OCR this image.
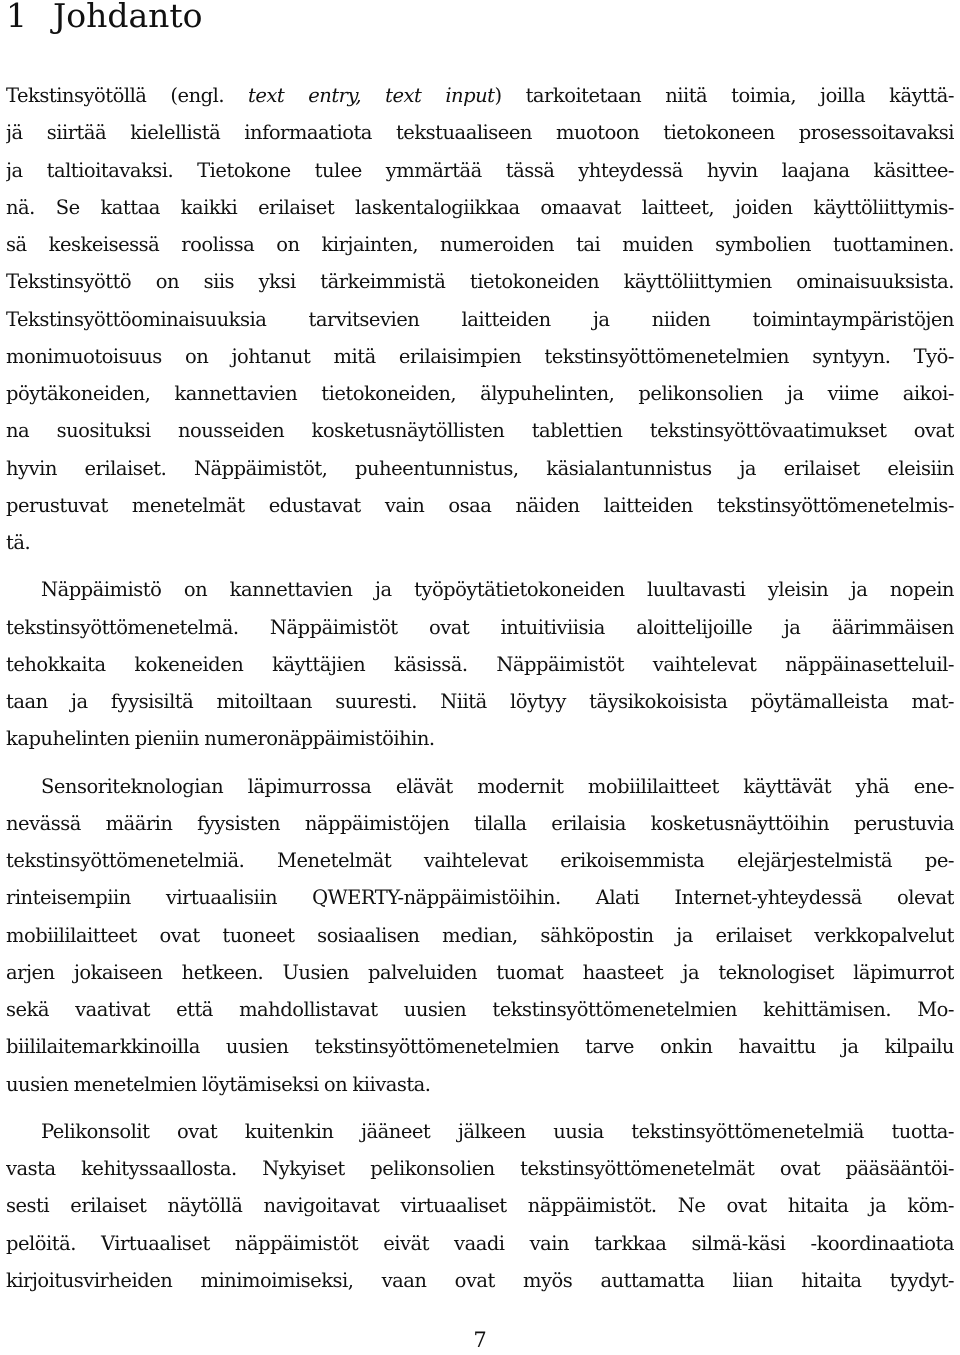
1 Johdanto
Tekstinsyötöllä (engl. text entry, text input) tarkoitetaan niitä toimia, joilla käyttä-
jä siirtää kielellistä informaatiota tekstuaaliseen muotoon tietokoneen prosessoitavaksi
ja taltioitavaksi. Tietokone tulee ymmärtää tässä yhteydessä hyvin laajana käsittee-
nä. Se kattaa kaikki erilaiset laskentalogiikkaa omaavat laitteet, joiden käyttöliittymis-
sä keskeisessä roolissa on kirjainten, numeroiden tai muiden symbolien tuottaminen.
Tekstinsyöttö on siis yksi tärkeimmistä tietokoneiden käyttöliittymien ominaisuuksista.
Tekstinsyöttöominaisuuksia tarvitsevien laitteiden ja niiden toimintaympäristöjen
monimuotoisuus on johtanut mitä erilaisimpien tekstinsyöttömenetelmien syntyyn. Työ-
pöytäkoneiden, kannettavien tietokoneiden, älypuhelinten, pelikonsolien ja viime aikoi-
na suosituksi nousseiden kosketusnäytöllisten tablettien tekstinsyöttövaatimukset ovat
hyvin erilaiset. Näppäimistöt, puheentunnistus, käsialantunnistus ja erilaiset eleisiin
perustuvat menetelmät edustavat vain osaa näiden laitteiden tekstinsyöttömenetelmis-
tä.
Näppäimistö on kannettavien ja työpöytätietokoneiden luultavasti yleisin ja nopein
tekstinsyöttömenetelmä. Näppäimistöt ovat intuitiviisia aloittelijoille ja äärimmäisen
tehokkaita kokeneiden käyttäjien käsissä. Näppäimistöt vaihtelevat näppäinasetteluil-
taan ja fyysisiltä mitoiltaan suuresti. Niitä löytyy täysikokoisista pöytämalleista mat-
kapuhelinten pieniin numeronäppäimistöihin.
Sensoriteknologian läpimurrossa elävät modernit mobiililaitteet käyttävät yhä ene-
nevässä määrin fyysisten näppäimistöjen tilalla erilaisia kosketusnäyttöihin perustuvia
tekstinsyöttömenetelmiä. Menetelmät vaihtelevat erikoisemmista elejärjestelmistä pe-
rinteisempiin virtuaalisiin QWERTY-näppäimistöihin. Alati Internet-yhteydessä olevat
mobiililaitteet ovat tuoneet sosiaalisen median, sähköpostin ja erilaiset verkkopalvelut
arjen jokaiseen hetkeen. Uusien palveluiden tuomat haasteet ja teknologiset läpimurrot
sekä vaativat että mahdollistavat uusien tekstinsyöttömenetelmien kehittämisen. Mo-
biililaitemarkkinoilla uusien tekstinsyöttömenetelmien tarve onkin havaittu ja kilpailu
uusien menetelmien löytämiseksi on kiivasta.
Pelikonsolit ovat kuitenkin jääneet jälkeen uusia tekstinsyöttömenetelmiä tuotta-
vasta kehityssaallosta. Nykyiset pelikonsolien tekstinsyöttömenetelmät ovat pääsääntöi-
sesti erilaiset näytöllä navigoitavat virtuaaliset näppäimistöt. Ne ovat hitaita ja köm-
pelöitä. Virtuaaliset näppäimistöt eivät vaadi vain tarkkaa silmä-käsi -koordinaatiota
kirjoitusvirheiden minimoimiseksi, vaan ovat myös auttamatta liian hitaita tyydyt-
7
